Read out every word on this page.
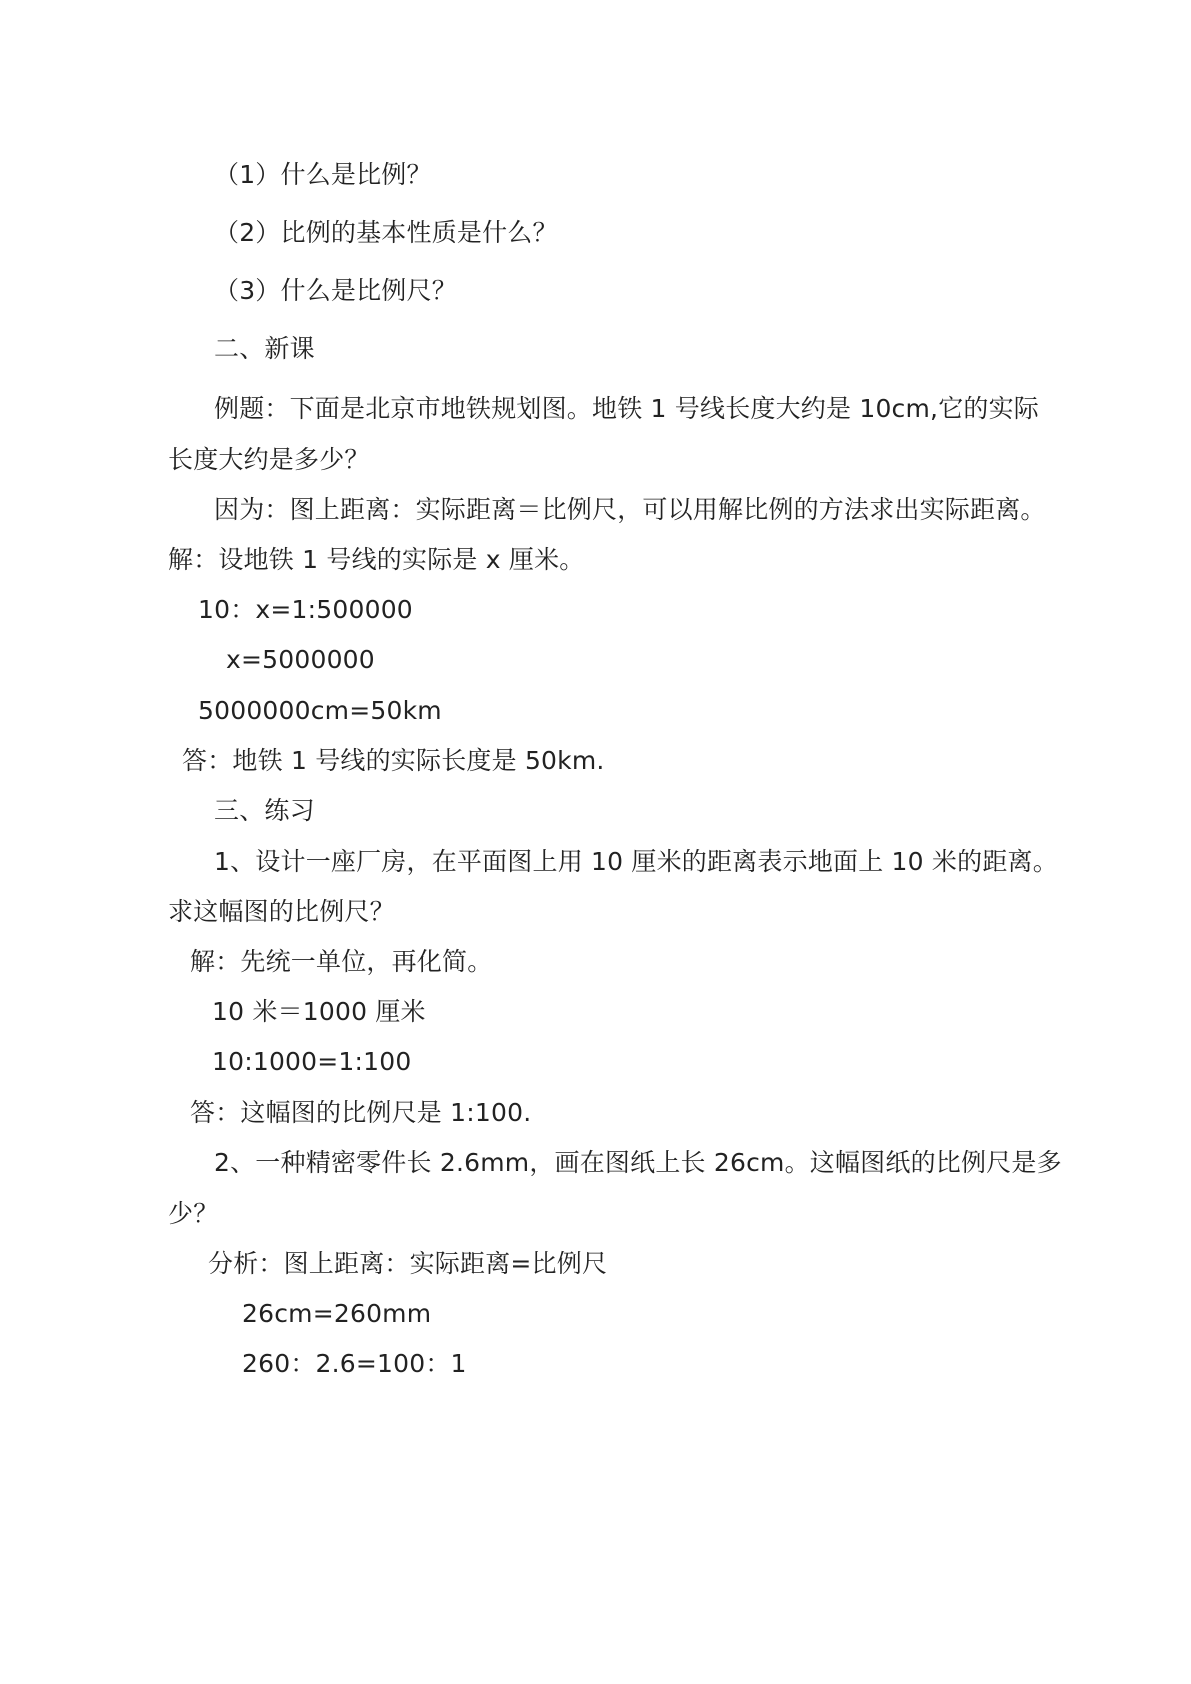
（1）什么是比例？
（2）比例的基本性质是什么？
（3）什么是比例尺？
二、新课
例题：下面是北京市地铁规划图。地铁 1 号线长度大约是 10cm,它的实际
长度大约是多少？
因为：图上距离：实际距离＝比例尺，可以用解比例的方法求出实际距离。
解：设地铁 1 号线的实际是 x 厘米。
10：x=1:500000
x=5000000
5000000cm=50km
答：地铁 1 号线的实际长度是 50km.
三、练习
1、设计一座厂房，在平面图上用 10 厘米的距离表示地面上 10 米的距离。
求这幅图的比例尺？
解：先统一单位，再化简。
10 米＝1000 厘米
10:1000=1:100
答：这幅图的比例尺是 1:100.
2、一种精密零件长 2.6mm，画在图纸上长 26cm。这幅图纸的比例尺是多
少？
分析：图上距离：实际距离=比例尺
26cm=260mm
260：2.6=100：1
